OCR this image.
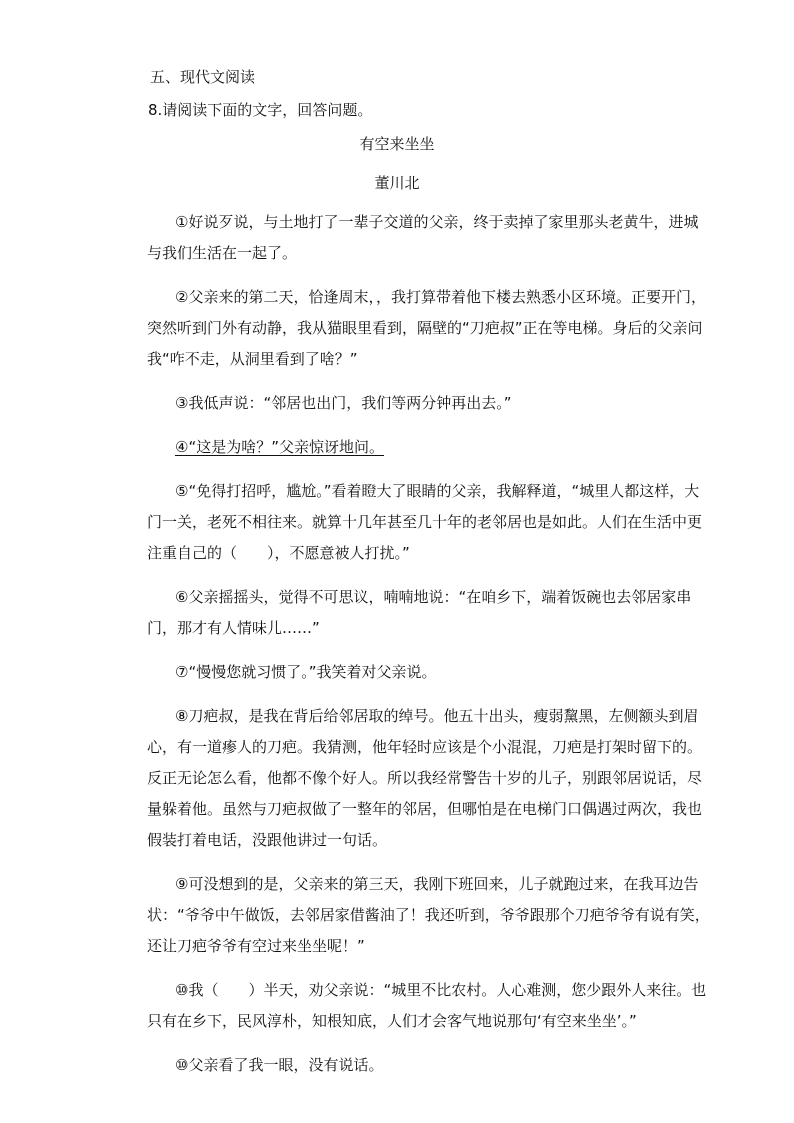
五、现代文阅读
8.请阅读下面的文字，回答问题。
有空来坐坐
董川北

①好说歹说，与土地打了一辈子交道的父亲，终于卖掉了家里那头老黄牛，进城
与我们生活在一起了。

②父亲来的第二天，恰逢周末，，我打算带着他下楼去熟悉小区环境。正要开门，
突然听到门外有动静，我从猫眼里看到，隔壁的“刀疤叔”正在等电梯。身后的父亲问
我“咋不走，从洞里看到了啥？”

③我低声说：“邻居也出门，我们等两分钟再出去。”

④“这是为啥？”父亲惊讶地问。

⑤“免得打招呼，尴尬。”看着瞪大了眼睛的父亲，我解释道，“城里人都这样，大
门一关，老死不相往来。就算十几年甚至几十年的老邻居也是如此。人们在生活中更
注重自己的（　　），不愿意被人打扰。”

⑥父亲摇摇头，觉得不可思议，喃喃地说：“在咱乡下，端着饭碗也去邻居家串
门，那才有人情味儿……”

⑦“慢慢您就习惯了。”我笑着对父亲说。

⑧刀疤叔，是我在背后给邻居取的绰号。他五十出头，瘦弱黧黑，左侧额头到眉
心，有一道瘆人的刀疤。我猜测，他年轻时应该是个小混混，刀疤是打架时留下的。
反正无论怎么看，他都不像个好人。所以我经常警告十岁的儿子，别跟邻居说话，尽
量躲着他。虽然与刀疤叔做了一整年的邻居，但哪怕是在电梯门口偶遇过两次，我也
假装打着电话，没跟他讲过一句话。

⑨可没想到的是，父亲来的第三天，我刚下班回来，儿子就跑过来，在我耳边告
状：“爷爷中午做饭，去邻居家借酱油了！我还听到，爷爷跟那个刀疤爷爷有说有笑，
还让刀疤爷爷有空过来坐坐呢！”

⑩我（　　）半天，劝父亲说：“城里不比农村。人心难测，您少跟外人来往。也
只有在乡下，民风淳朴，知根知底，人们才会客气地说那句‘有空来坐坐’。”

⑩父亲看了我一眼，没有说话。
